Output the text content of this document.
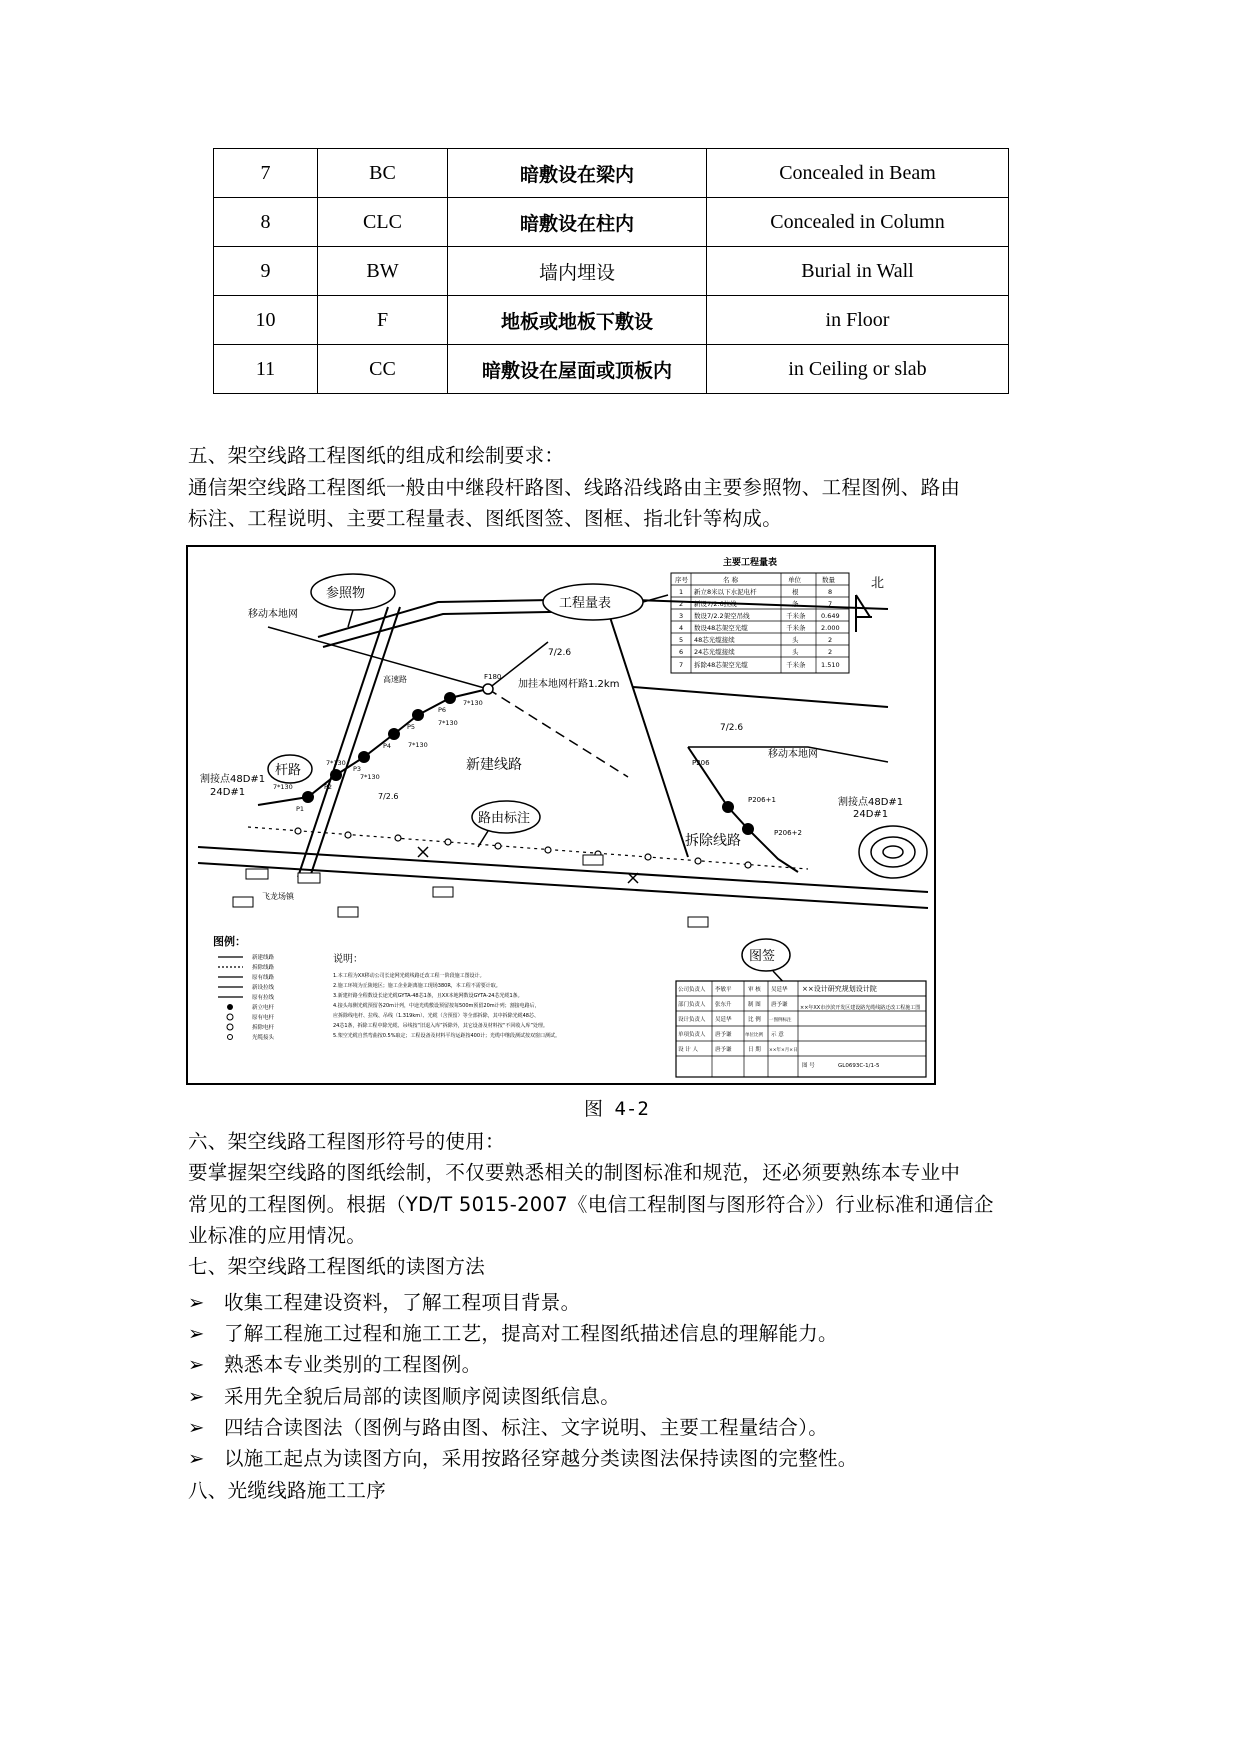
7	BC	暗敷设在梁内	Concealed in Beam
8	CLC	暗敷设在柱内	Concealed in Column
9	BW	墙内埋设	Burial in Wall
10	F	地板或地板下敷设	in Floor
11	CC	暗敷设在屋面或顶板内	in Ceiling or slab
五、架空线路工程图纸的组成和绘制要求：
通信架空线路工程图纸一般由中继段杆路图、线路沿线路由主要参照物、工程图例、路由
标注、工程说明、主要工程量表、图纸图签、图框、指北针等构成。
北
主要工程量表
序号	名 称	单位	数量
1 新立8米以下水泥电杆	根	8
2 新设7/2.6拉线	条	7
3 数设7/2.2架空吊线	千米条 0.649
4 数设48芯架空光缆	千米条 2.000
5 48芯光缆接续	头	2
6 24芯光缆接续	头	2
7 拆除48芯架空光缆	千米条 1.510
参照物
工程量表
杆路
路由标注
图签
移动本地网
移动本地网
高速路	加挂本地网杆路1.2km
割接点48D#1
24D#1
割接点48D#1
24D#1
7/2.6
7/2.6
7/2.6
F180
P206
P206+1
P206+2
飞龙场镇
新建线路
拆除线路
P1
P2
P3
P4
P5
P6
7*130
7*130
7*130
7*130
7*130
7*130
图例：
新建线路
拆除线路
原有线路
新设拉线
原有拉线
新立电杆
原有电杆
拆除电杆
光缆接头
说明：
1.本工程为XX移动公司长途网光缆线路迁改工程一阶段施工图设计。
2.施工环境为丘陵地区；施工企业距离施工现场380R，本工程不需要计取。
3.新建杆路全程数设长途光缆GYTA-48芯1条，且XX本地网数设GYTA-24芯光缆1条。
4.接头每侧光缆预留各20m计列，中途光缆敷设预留按每500m预留20m计列；割接电路后，
应拆除线电杆、拉线、吊线（1.319km）、光缆（含预留）等全部拆除，其中拆除光缆48芯、
24芯1条，拆除工程中除光缆、吊线按“旧退入库”拆除外，其它设备及材料按“不回收入库”处理。
5.架空光缆自然弯曲按0.5%取定；工程设备及材料平均运距按400计；光缆中继段测试按双窗口测试。
公司负责人 李敏平	审 核 吴廷华
部门负责人 张东升	制 图 唐予谦
设计负责人 吴廷华	比 例 一图例标注
单项负责人 唐予谦	单位比例 示 意
设 计 人	唐予谦	日 期 ××年×月×日
××设计研究规划设计院
××年XX市沙滨开发区建设路光缆线路迁改工程施工图
图 号	GL0693C-1/1-5
图 4-2
六、架空线路工程图形符号的使用：
要掌握架空线路的图纸绘制，不仅要熟悉相关的制图标准和规范，还必须要熟练本专业中
常见的工程图例。根据（YD/T 5015-2007《电信工程制图与图形符合》）行业标准和通信企
业标准的应用情况。
七、架空线路工程图纸的读图方法
➢ 收集工程建设资料，了解工程项目背景。
➢ 了解工程施工过程和施工工艺，提高对工程图纸描述信息的理解能力。
➢ 熟悉本专业类别的工程图例。
➢ 采用先全貌后局部的读图顺序阅读图纸信息。
➢ 四结合读图法（图例与路由图、标注、文字说明、主要工程量结合）。
➢ 以施工起点为读图方向，采用按路径穿越分类读图法保持读图的完整性。
八、光缆线路施工工序
